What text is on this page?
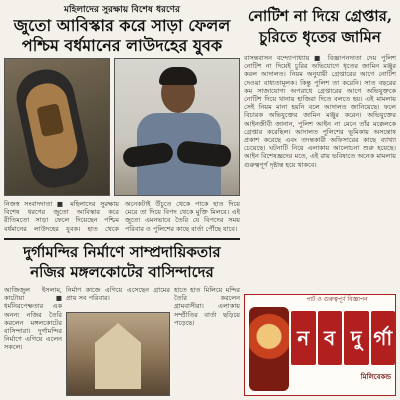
মহিলাদের সুরক্ষায় বিশেষ ধরণের
জুতো আবিস্কার করে সাড়া ফেলল
পশ্চিম বর্ধমানের লাউদহের যুবক
নিজস্ব সংবাদদাতা ■ মহিলাদের সুরক্ষায় বিশেষ ধরণের জুতো আবিস্কার করে রীতিমতো সাড়া ফেলে দিয়েছেন পশ্চিম বর্ধমানের লাউদহের যুবক। হাত থেকে অনেকটাই উঁচুতে থেকে পাকে হাত দিয়ে মেরে তা দিয়ে বিপদ থেকে মুক্তি মিলবে। এই জুতো এমনভাবে তৈরি যে বিপদের সময় পরিবার ও পুলিশের কাছে বার্তা পৌঁছে যাবে।
দুর্গামন্দির নির্মাণে সাম্প্রদায়িকতার
নজির মঙ্গলকোটের বাসিন্দাদের
আজিজুল ইসলাম, কাটোয়া ■ ধর্মনিরপেক্ষতার এক অনন্য নজির তৈরি করলেন মঙ্গলকোটের বাসিন্দারা। দুর্গামন্দির নির্মাণে এগিয়ে এলেন সকলে।
নির্মাণ কাজে এগিয়ে এসেছেন গ্রামের প্রায় সব পরিবার।
হাতে হাত মিলিয়ে মন্দির তৈরি করলেন গ্রামবাসীরা। এলাকায় সম্প্রীতির বার্তা ছড়িয়ে পড়েছে।
নোটিশ না দিয়ে গ্রেপ্তার,
চুরিতে ধৃতের জামিন
বাসন্তবাসন বন্দ্যোপাধ্যায় ■ বিজ্ঞাপনদাতা দেয় পুলিশ নোটিশ না দিয়েই চুরির অভিযোগে ধৃতের জামিন মঞ্জুর করল আদালত। নিয়ম অনুযায়ী গ্রেপ্তারের আগে নোটিশ দেওয়া বাধ্যতামূলক। কিন্তু পুলিশ তা করেনি। সাত বছরের কম সাজাযোগ্য অপরাধে গ্রেপ্তারের আগে অভিযুক্তকে নোটিশ দিয়ে থানায় হাজিরা দিতে বলতে হয়। এই মামলায় সেই নিয়ম মানা হয়নি বলে আদালত জানিয়েছে। ফলে বিচারক অভিযুক্তের জামিন মঞ্জুর করেন। অভিযুক্তের আইনজীবী জানান, পুলিশ আইন না মেনে তাঁর মক্কেলকে গ্রেপ্তার করেছিল। আদালত পুলিশের ভূমিকায় অসন্তোষ প্রকাশ করেছে এবং তদন্তকারী অফিসারের কাছে ব্যাখ্যা চেয়েছে। ঘটনাটি নিয়ে এলাকায় আলোচনা শুরু হয়েছে। আইন বিশেষজ্ঞদের মতে, এই রায় ভবিষ্যতে অনেক মামলায় গুরুত্বপূর্ণ দৃষ্টান্ত হয়ে থাকবে।
পার্ট ও গুরুত্বপূর্ণ বিজ্ঞাপন
ন ব দু র্গা
মিলিবেকন্ড
